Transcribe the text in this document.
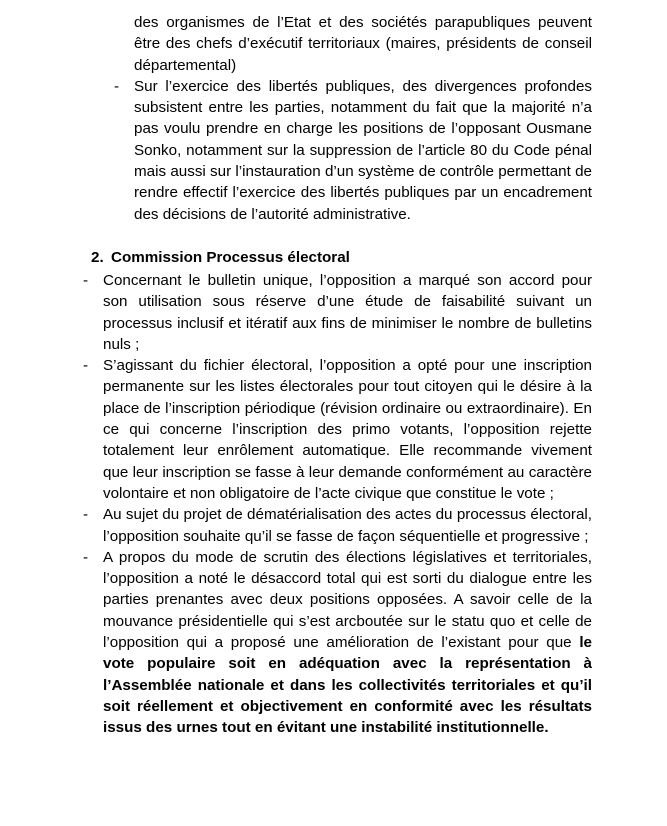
des organismes de l’Etat et des sociétés parapubliques peuvent être des chefs d’exécutif territoriaux (maires, présidents de conseil départemental)

- Sur l’exercice des libertés publiques, des divergences profondes subsistent entre les parties, notamment du fait que la majorité n’a pas voulu prendre en charge les positions de l’opposant Ousmane Sonko, notamment sur la suppression de l’article 80 du Code pénal mais aussi sur l’instauration d’un système de contrôle permettant de rendre effectif l’exercice des libertés publiques par un encadrement des décisions de l’autorité administrative.

2. Commission Processus électoral

- Concernant le bulletin unique, l’opposition a marqué son accord pour son utilisation sous réserve d’une étude de faisabilité suivant un processus inclusif et itératif aux fins de minimiser le nombre de bulletins nuls ;

- S’agissant du fichier électoral, l’opposition a opté pour une inscription permanente sur les listes électorales pour tout citoyen qui le désire à la place de l’inscription périodique (révision ordinaire ou extraordinaire). En ce qui concerne l’inscription des primo votants, l’opposition rejette totalement leur enrôlement automatique. Elle recommande vivement que leur inscription se fasse à leur demande conformément au caractère volontaire et non obligatoire de l’acte civique que constitue le vote ;

- Au sujet du projet de dématérialisation des actes du processus électoral, l’opposition souhaite qu’il se fasse de façon séquentielle et progressive ;

- A propos du mode de scrutin des élections législatives et territoriales, l’opposition a noté le désaccord total qui est sorti du dialogue entre les parties prenantes avec deux positions opposées. A savoir celle de la mouvance présidentielle qui s’est arcboutée sur le statu quo et celle de l’opposition qui a proposé une amélioration de l’existant pour que le vote populaire soit en adéquation avec la représentation à l’Assemblée nationale et dans les collectivités territoriales et qu’il soit réellement et objectivement en conformité avec les résultats issus des urnes tout en évitant une instabilité institutionnelle.
